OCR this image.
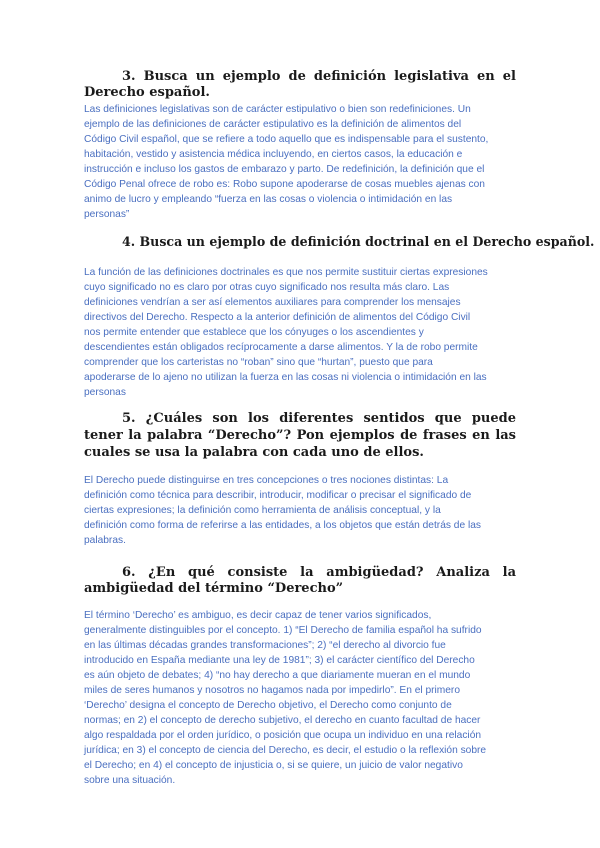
3. Busca un ejemplo de definición legislativa en el Derecho español.
Las definiciones legislativas son de carácter estipulativo o bien son redefiniciones. Un
ejemplo de las definiciones de carácter estipulativo es la definición de alimentos del
Código Civil español, que se refiere a todo aquello que es indispensable para el sustento,
habitación, vestido y asistencia médica incluyendo, en ciertos casos, la educación e
instrucción e incluso los gastos de embarazo y parto. De redefinición, la definición que el
Código Penal ofrece de robo es: Robo supone apoderarse de cosas muebles ajenas con
animo de lucro y empleando “fuerza en las cosas o violencia o intimidación en las
personas”
4. Busca un ejemplo de definición doctrinal en el Derecho español.
La función de las definiciones doctrinales es que nos permite sustituir ciertas expresiones
cuyo significado no es claro por otras cuyo significado nos resulta más claro. Las
definiciones vendrían a ser así elementos auxiliares para comprender los mensajes
directivos del Derecho. Respecto a la anterior definición de alimentos del Código Civil
nos permite entender que establece que los cónyuges o los ascendientes y
descendientes están obligados recíprocamente a darse alimentos. Y la de robo permite
comprender que los carteristas no “roban” sino que “hurtan”, puesto que para
apoderarse de lo ajeno no utilizan la fuerza en las cosas ni violencia o intimidación en las
personas
5. ¿Cuáles son los diferentes sentidos que puede tener la palabra “Derecho”? Pon ejemplos de frases en las cuales se usa la palabra con cada uno de ellos.
El Derecho puede distinguirse en tres concepciones o tres nociones distintas: La
definición como técnica para describir, introducir, modificar o precisar el significado de
ciertas expresiones; la definición como herramienta de análisis conceptual, y la
definición como forma de referirse a las entidades, a los objetos que están detrás de las
palabras.
6. ¿En qué consiste la ambigüedad? Analiza la ambigüedad del término “Derecho”
El término ‘Derecho’ es ambiguo, es decir capaz de tener varios significados,
generalmente distinguibles por el concepto. 1) “El Derecho de familia español ha sufrido
en las últimas décadas grandes transformaciones”; 2) “el derecho al divorcio fue
introducido en España mediante una ley de 1981”; 3) el carácter científico del Derecho
es aún objeto de debates; 4) “no hay derecho a que diariamente mueran en el mundo
miles de seres humanos y nosotros no hagamos nada por impedirlo”. En el primero
‘Derecho’ designa el concepto de Derecho objetivo, el Derecho como conjunto de
normas; en 2) el concepto de derecho subjetivo, el derecho en cuanto facultad de hacer
algo respaldada por el orden jurídico, o posición que ocupa un individuo en una relación
jurídica; en 3) el concepto de ciencia del Derecho, es decir, el estudio o la reflexión sobre
el Derecho; en 4) el concepto de injusticia o, si se quiere, un juicio de valor negativo
sobre una situación.
